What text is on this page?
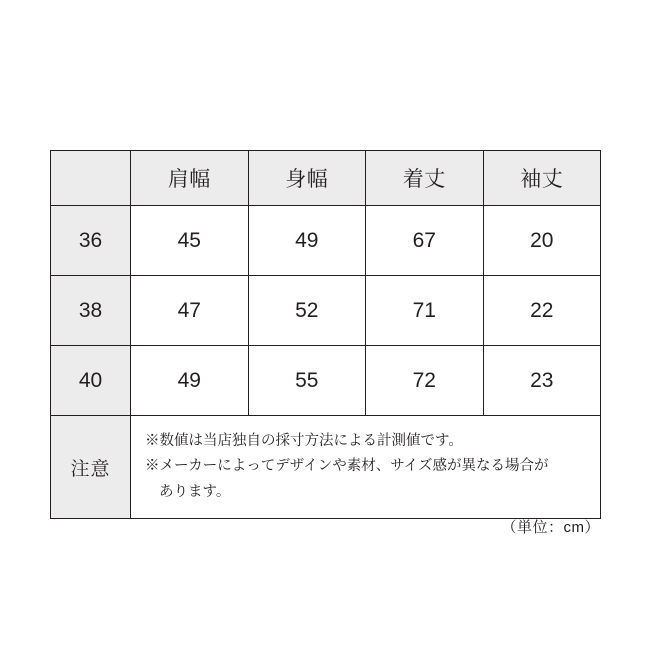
	肩幅	身幅	着丈	袖丈
36	45	49	67	20
38	47	52	71	22
40	49	55	72	23
注意	※数値は当店独自の採寸方法による計測値です。
※メーカーによってデザインや素材、サイズ感が異なる場合が
あります。			
（単位：cm）
